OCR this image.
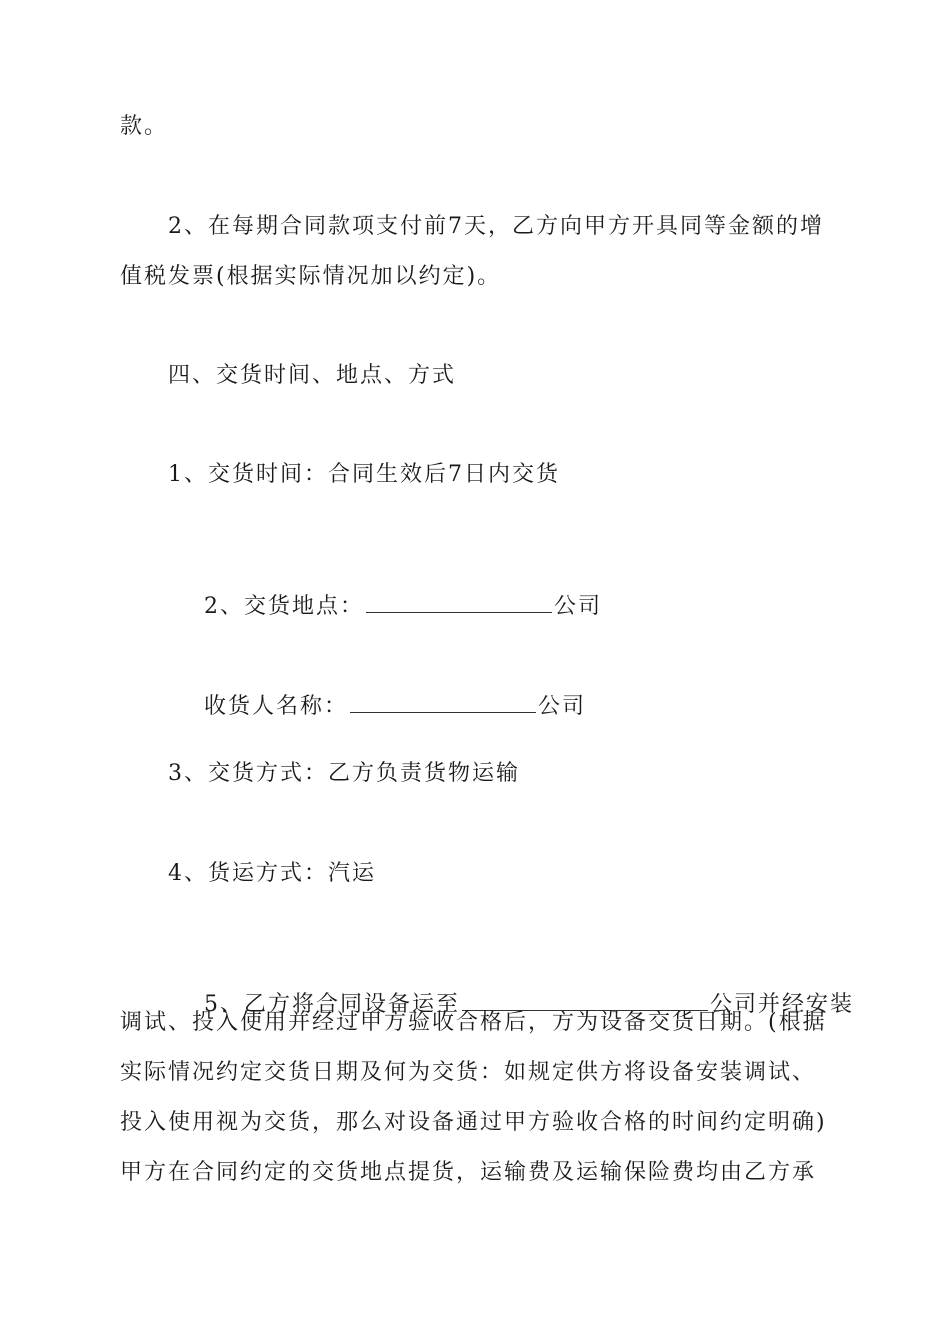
款。
2、在每期合同款项支付前7天，乙方向甲方开具同等金额的增
值税发票(根据实际情况加以约定)。
四、交货时间、地点、方式
1、交货时间：合同生效后7日内交货

2、交货地点：	公司

收货人名称：	公司

3、交货方式：乙方负责货物运输
4、货运方式：汽运

5、乙方将合同设备运至	公司并经安装

调试、投入使用并经过甲方验收合格后，方为设备交货日期。(根据
实际情况约定交货日期及何为交货：如规定供方将设备安装调试、
投入使用视为交货，那么对设备通过甲方验收合格的时间约定明确)
甲方在合同约定的交货地点提货，运输费及运输保险费均由乙方承
